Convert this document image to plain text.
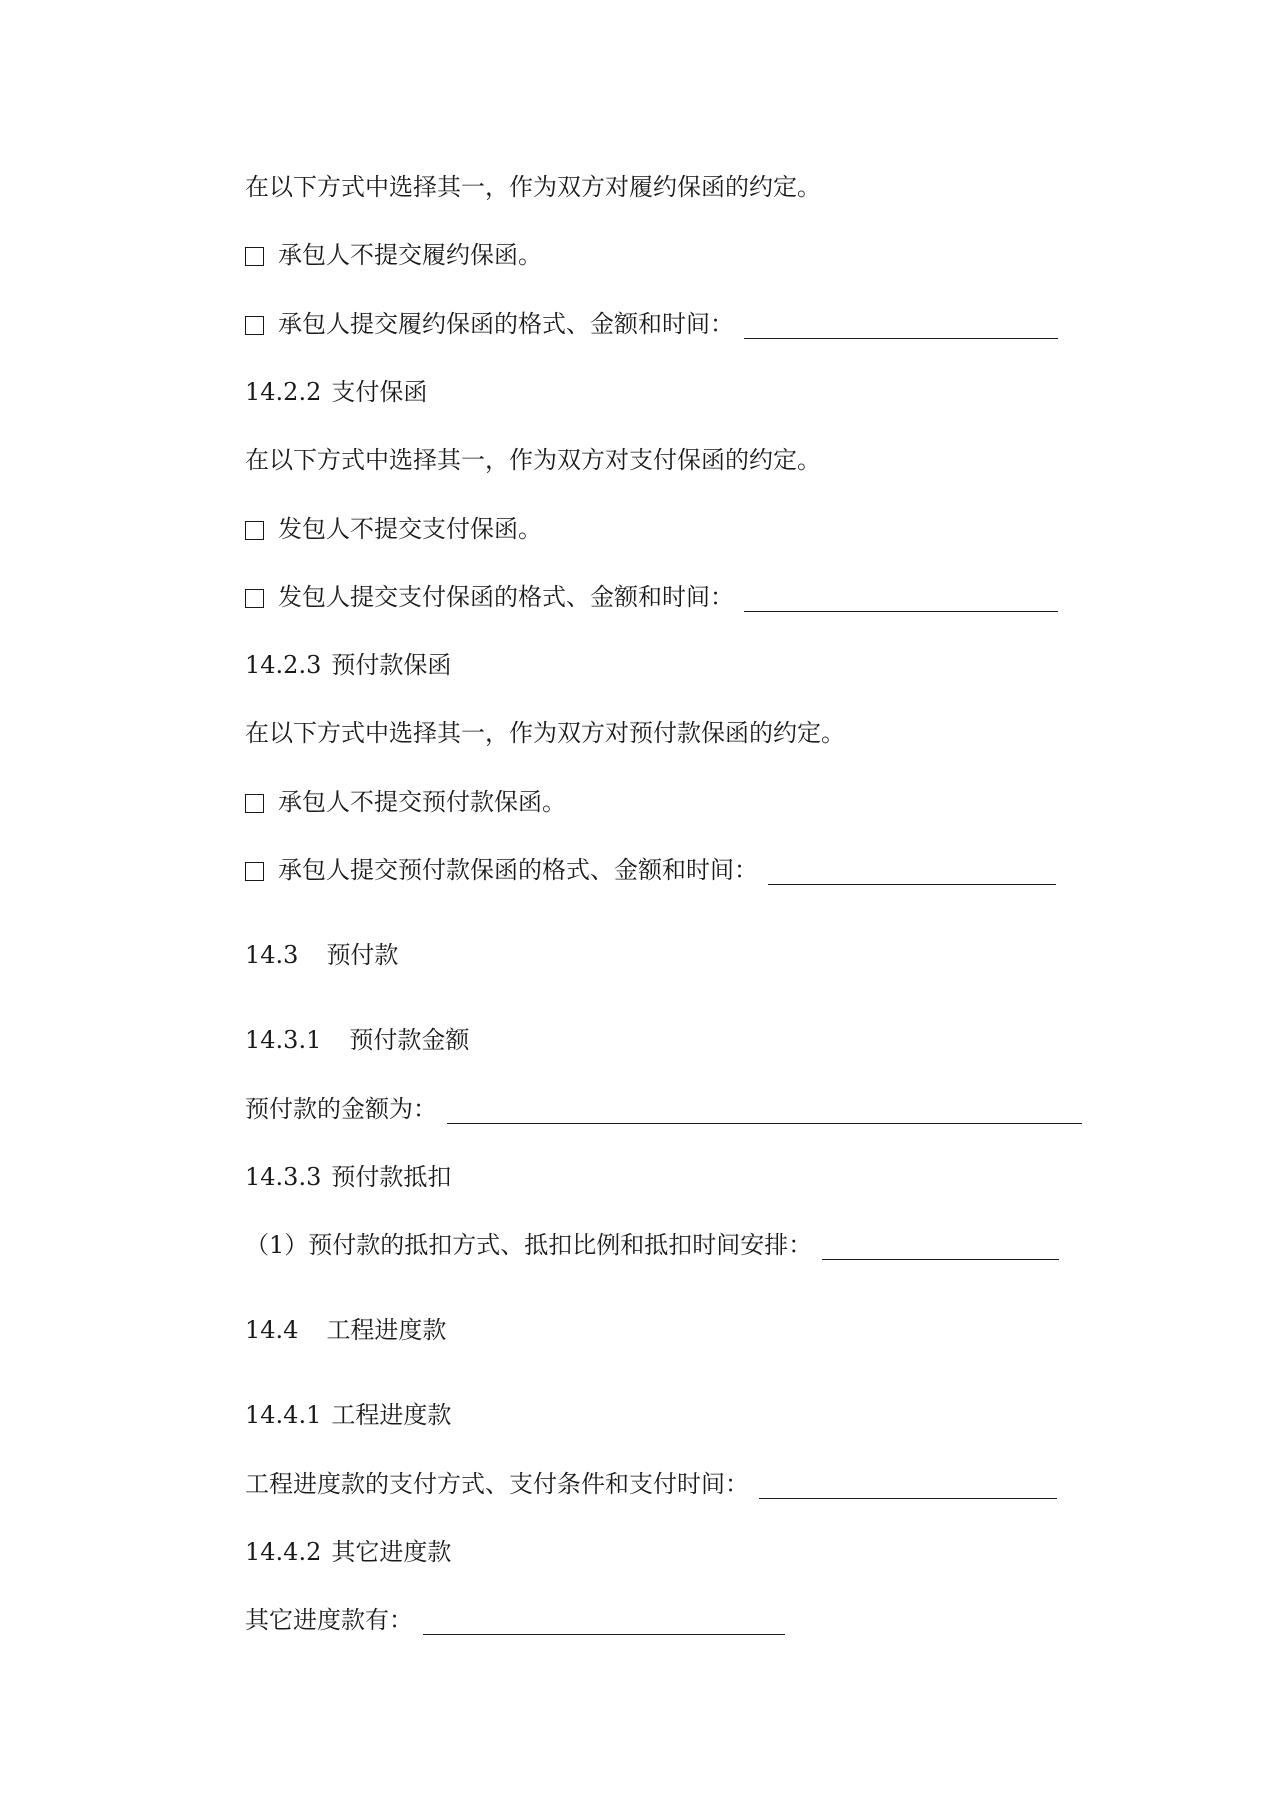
在以下方式中选择其一，作为双方对履约保函的约定。
承包人不提交履约保函。
承包人提交履约保函的格式、金额和时间：
14.2.2 支付保函
在以下方式中选择其一，作为双方对支付保函的约定。
发包人不提交支付保函。
发包人提交支付保函的格式、金额和时间：
14.2.3 预付款保函
在以下方式中选择其一，作为双方对预付款保函的约定。
承包人不提交预付款保函。
承包人提交预付款保函的格式、金额和时间：
14.3 预付款
14.3.1 预付款金额
预付款的金额为：
14.3.3 预付款抵扣
（1）预付款的抵扣方式、抵扣比例和抵扣时间安排：
14.4 工程进度款
14.4.1 工程进度款
工程进度款的支付方式、支付条件和支付时间：
14.4.2 其它进度款
其它进度款有：
